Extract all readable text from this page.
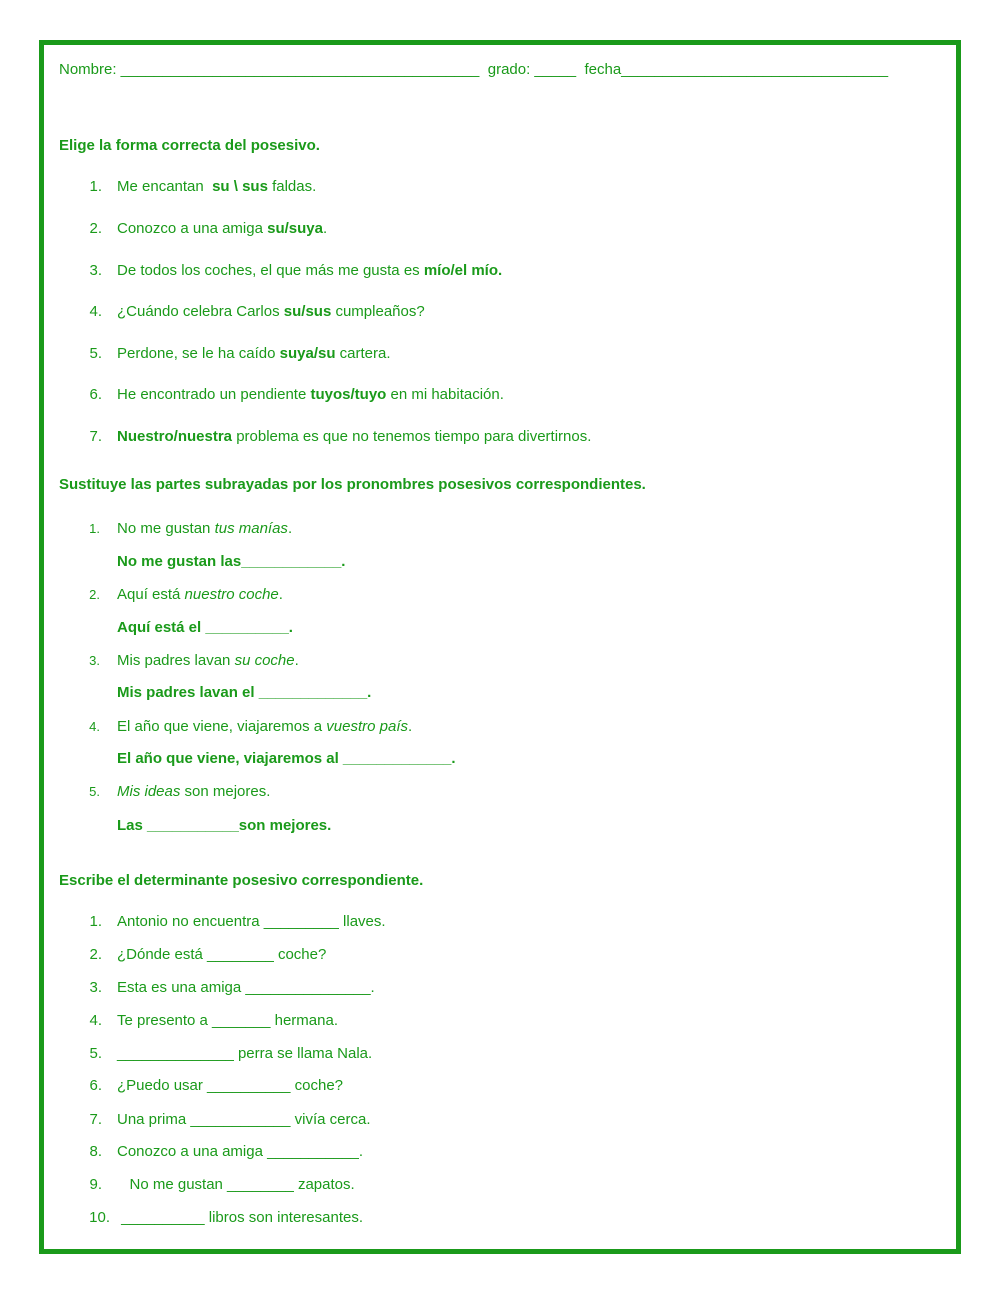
Nombre: ___________________________________________  grado: _____  fecha________________________________
Elige la forma correcta del posesivo.
1. Me encantan  su \ sus faldas.
2. Conozco a una amiga su/suya.
3. De todos los coches, el que más me gusta es mío/el mío.
4. ¿Cuándo celebra Carlos su/sus cumpleaños?
5. Perdone, se le ha caído suya/su cartera.
6. He encontrado un pendiente tuyos/tuyo en mi habitación.
7. Nuestro/nuestra problema es que no tenemos tiempo para divertirnos.
Sustituye las partes subrayadas por los pronombres posesivos correspondientes.
1. No me gustan tus manías.
No me gustan las____________.
2. Aquí está nuestro coche.
Aquí está el __________.
3. Mis padres lavan su coche.
Mis padres lavan el _____________.
4. El año que viene, viajaremos a vuestro país.
El año que viene, viajaremos al _____________.
5. Mis ideas son mejores.
Las ___________son mejores.
Escribe el determinante posesivo correspondiente.
1. Antonio no encuentra _________ llaves.
2. ¿Dónde está ________ coche?
3. Esta es una amiga _______________.
4. Te presento a _______ hermana.
5. ______________ perra se llama Nala.
6. ¿Puedo usar __________ coche?
7. Una prima ____________ vivía cerca.
8. Conozco a una amiga ___________.
9. No me gustan ________ zapatos.
10. __________ libros son interesantes.
